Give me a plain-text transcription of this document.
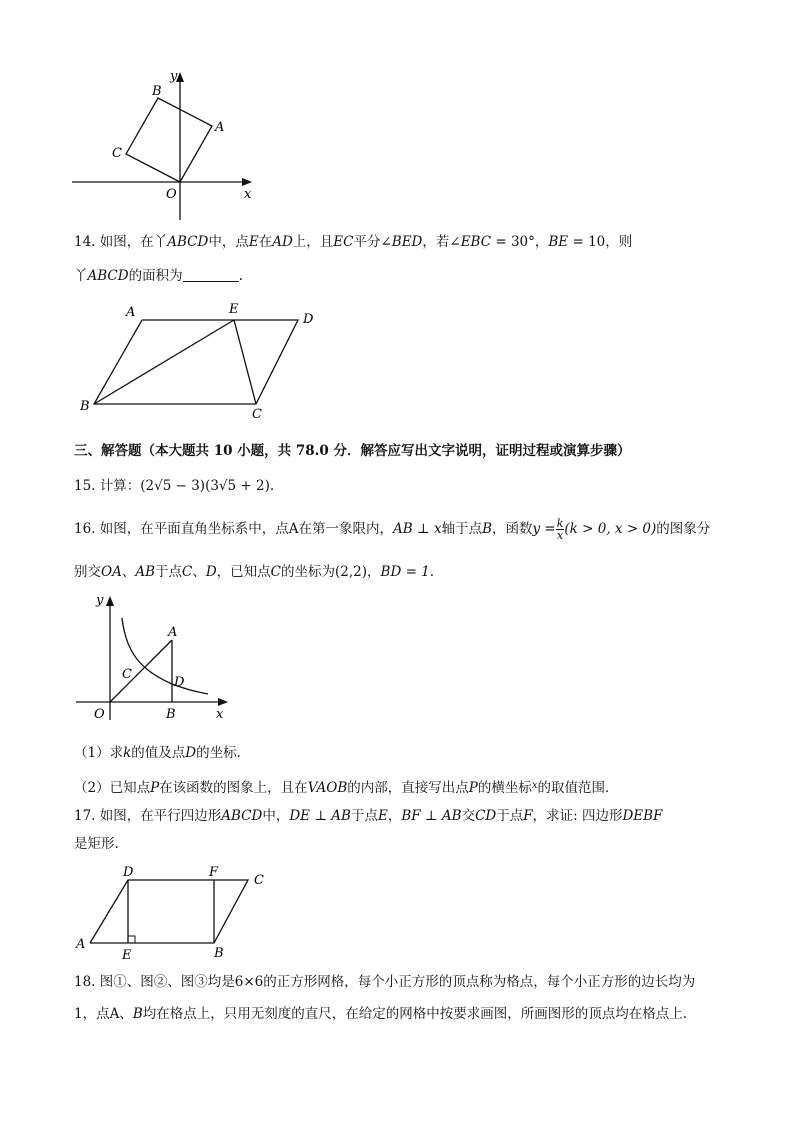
y
x
O
A
B
C
14. 如图，在丫ABCD中，点E在AD上，且EC平分∠BED，若∠EBC = 30°，BE = 10，则
丫ABCD的面积为	.
A	E
D
B
C
三、解答题（本大题共 10 小题，共 78.0 分．解答应写出文字说明，证明过程或演算步骤）
15. 计算：(2√5 − 3)(3√5 + 2).
16. 如图，在平面直角坐标系中，点A在第一象限内，AB ⊥ x轴于点B，函数$y = \frac{k}{x} (k > 0$, x > 0)的图象分
别交OA、AB于点C、D，已知点C的坐标为(2,2)，BD = 1.
y
x
O
A
C
D
B
（1）求k的值及点D的坐标．
（2）已知点P在该函数的图象上，且在VAOB的内部，直接写出点P的横坐标$^x$的取值范围．
17. 如图，在平行四边形ABCD中，DE ⊥ AB于点E，BF ⊥ AB交CD于点F，求证: 四边形DEBF
是矩形.
D	F
C
A
E	B
18. 图①、图②、图③均是6×6的正方形网格，每个小正方形的顶点称为格点，每个小正方形的边长均为
1，点A、B均在格点上，只用无刻度的直尺，在给定的网格中按要求画图，所画图形的顶点均在格点上.
